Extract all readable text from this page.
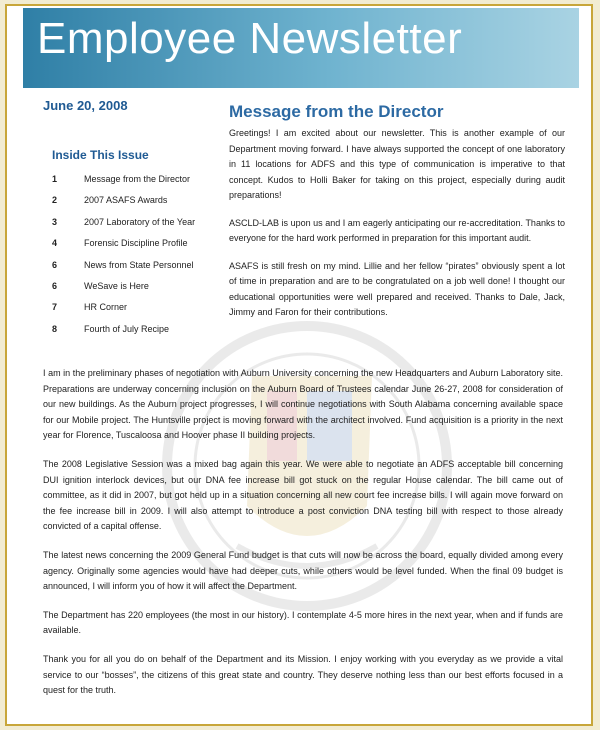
Employee Newsletter
June 20, 2008
Inside This Issue
1	Message from the Director
2	2007 ASAFS Awards
3	2007 Laboratory of the Year
4	Forensic Discipline Profile
6	News from State Personnel
6	WeSave is Here
7	HR Corner
8	Fourth of July Recipe
Message from the Director

Greetings! I am excited about our newsletter. This is another example of our Department moving forward. I have always supported the concept of one laboratory in 11 locations for ADFS and this type of communication is imperative to that concept. Kudos to Holli Baker for taking on this project, especially during audit preparations!

ASCLD-LAB is upon us and I am eagerly anticipating our re-accreditation. Thanks to everyone for the hard work performed in preparation for this important audit.

ASAFS is still fresh on my mind. Lillie and her fellow “pirates” obviously spent a lot of time in preparation and are to be congratulated on a job well done! I thought our educational opportunities were well prepared and received. Thanks to Dale, Jack, Jimmy and Faron for their contributions.

I am in the preliminary phases of negotiation with Auburn University concerning the new Headquarters and Auburn Laboratory site. Preparations are underway concerning inclusion on the Auburn Board of Trustees calendar June 26-27, 2008 for consideration of our new buildings. As the Auburn project progresses, I will continue negotiations with South Alabama concerning available space for our Mobile project. The Huntsville project is moving forward with the architect involved. Fund acquisition is a priority in the next year for Florence, Tuscaloosa and Hoover phase II building projects.

The 2008 Legislative Session was a mixed bag again this year. We were able to negotiate an ADFS acceptable bill concerning DUI ignition interlock devices, but our DNA fee increase bill got stuck on the regular House calendar. The bill came out of committee, as it did in 2007, but got held up in a situation concerning all new court fee increase bills. I will again move forward on the fee increase bill in 2009. I will also attempt to introduce a post conviction DNA testing bill with respect to those already convicted of a capital offense.

The latest news concerning the 2009 General Fund budget is that cuts will now be across the board, equally divided among every agency. Originally some agencies would have had deeper cuts, while others would be level funded. When the final 09 budget is announced, I will inform you of how it will affect the Department.

The Department has 220 employees (the most in our history). I contemplate 4-5 more hires in the next year, when and if funds are available.

Thank you for all you do on behalf of the Department and its Mission. I enjoy working with you everyday as we provide a vital service to our “bosses”, the citizens of this great state and country. They deserve nothing less than our best efforts focused in a quest for the truth.
